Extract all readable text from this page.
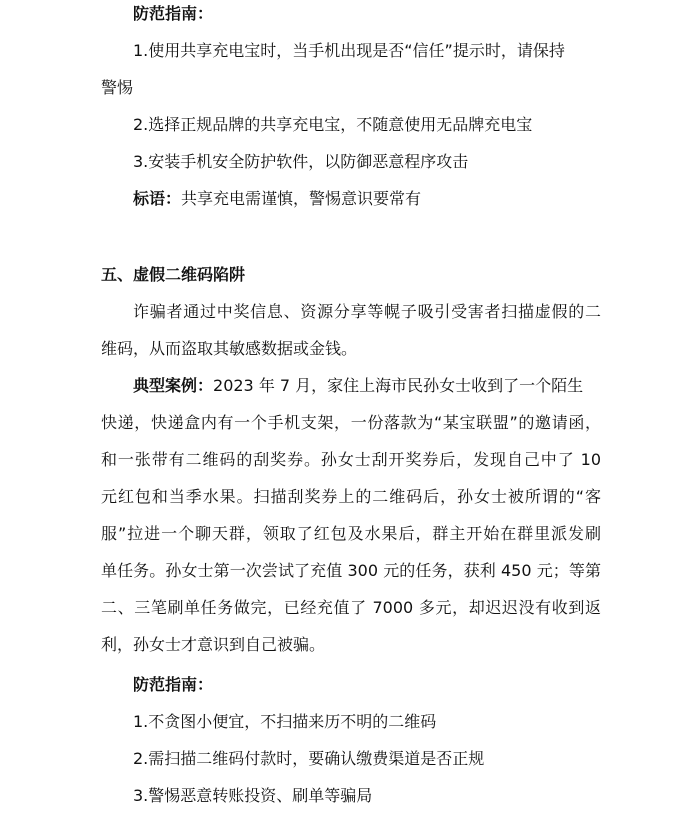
防范指南：
1.使用共享充电宝时，当手机出现是否“信任”提示时，请保持
警惕
2.选择正规品牌的共享充电宝，不随意使用无品牌充电宝
3.安装手机安全防护软件，以防御恶意程序攻击
标语：共享充电需谨慎，警惕意识要常有
五、虚假二维码陷阱
诈骗者通过中奖信息、资源分享等幌子吸引受害者扫描虚假的二
维码，从而盗取其敏感数据或金钱。
典型案例：2023 年 7 月，家住上海市民孙女士收到了一个陌生
快递，快递盒内有一个手机支架，一份落款为“某宝联盟”的邀请函，
和一张带有二维码的刮奖券。孙女士刮开奖券后，发现自己中了 10
元红包和当季水果。扫描刮奖券上的二维码后，孙女士被所谓的“客
服”拉进一个聊天群，领取了红包及水果后，群主开始在群里派发刷
单任务。孙女士第一次尝试了充值 300 元的任务，获利 450 元；等第
二、三笔刷单任务做完，已经充值了 7000 多元，却迟迟没有收到返
利，孙女士才意识到自己被骗。
防范指南：
1.不贪图小便宜，不扫描来历不明的二维码
2.需扫描二维码付款时，要确认缴费渠道是否正规
3.警惕恶意转账投资、刷单等骗局
